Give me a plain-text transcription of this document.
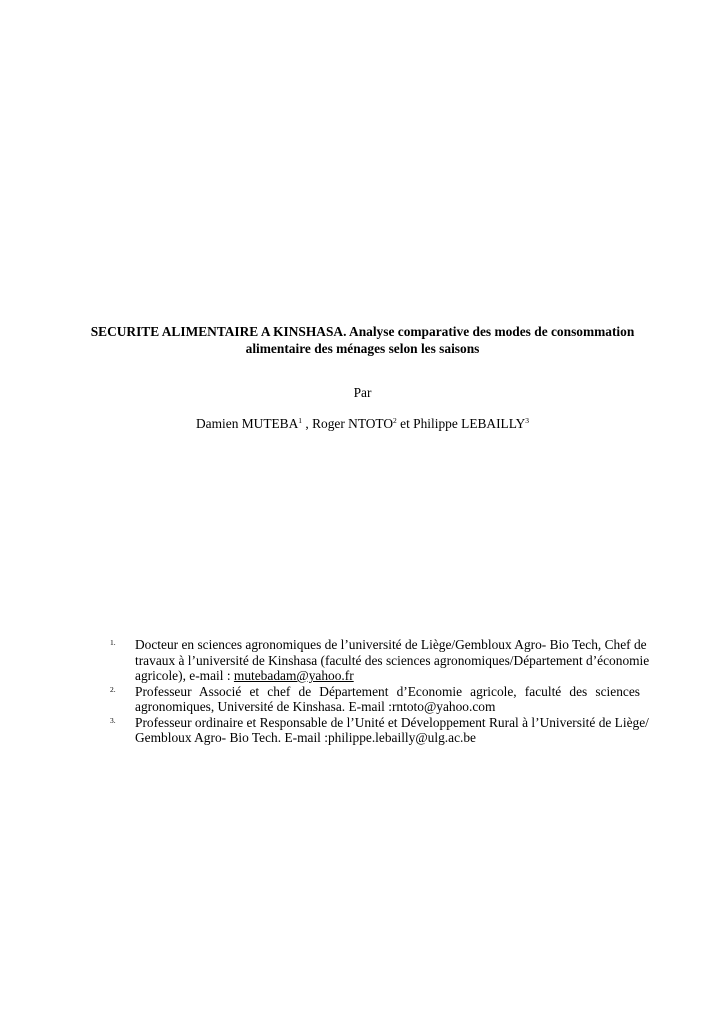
SECURITE ALIMENTAIRE A KINSHASA. Analyse comparative des modes de consommation
alimentaire des ménages selon les saisons
Par
Damien MUTEBA$^1$ , Roger NTOTO$^2$ et Philippe LEBAILLY$^3$
1. Docteur en sciences agronomiques de l’université de Liège/Gembloux Agro- Bio Tech, Chef de
travaux à l’université de Kinshasa (faculté des sciences agronomiques/Département d’économie
agricole), e-mail : mutebadam@yahoo.fr
2. Professeur Associé et chef de Département d’Economie agricole, faculté des sciences
agronomiques, Université de Kinshasa. E-mail :rntoto@yahoo.com
3. Professeur ordinaire et Responsable de l’Unité et Développement Rural à l’Université de Liège/
Gembloux Agro- Bio Tech. E-mail :philippe.lebailly@ulg.ac.be
